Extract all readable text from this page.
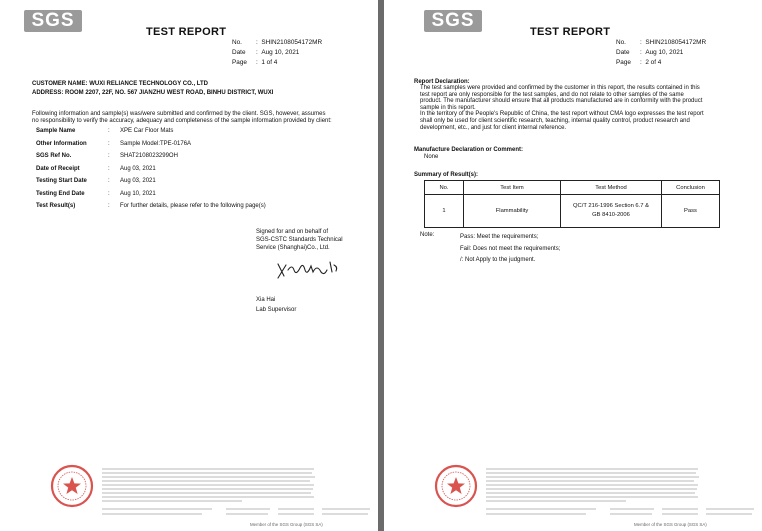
SGS
TEST REPORT
No. :  SHIN2108054172MR
Date :  Aug 10, 2021
Page :  1 of 4
CUSTOMER NAME: WUXI RELIANCE TECHNOLOGY CO., LTD
ADDRESS: ROOM 2207, 22F, NO. 567 JIANZHU WEST ROAD, BINHU DISTRICT, WUXI
Following information and sample(s) was/were submitted and confirmed by the client. SGS, however, assumes
no responsibility to verify the accuracy, adequacy and completeness of the sample information provided by client:
Sample Name	: XPE Car Floor Mats
Other Information	: Sample Model:TPE-0176A
SGS Ref No.	: SHAT2108023299OH
Date of Receipt	: Aug 03, 2021
Testing Start Date	: Aug 03, 2021
Testing End Date	: Aug 10, 2021
Test Result(s)	: For further details, please refer to the following page(s)
Signed for and on behalf of
SGS-CSTC Standards Technical
Service (Shanghai)Co., Ltd.
Xia Hai
Lab Supervisor
Member of the SGS Group (SGS SA)
SGS
TEST REPORT
No. :  SHIN2108054172MR
Date :  Aug 10, 2021
Page :  2 of 4
Report Declaration:
The test samples were provided and confirmed by the customer in this report, the results contained in this
test report are only responsible for the test samples, and do not relate to other samples of the same
product. The manufacturer should ensure that all products manufactured are in conformity with the product
sample in this report.
In the territory of the People's Republic of China, the test report without CMA logo expresses the test report
shall only be used for client scientific research, teaching, internal quality control, product research and
development, etc., and just for client internal reference.
Manufacture Declaration or Comment:
None
Summary of Result(s):
No.	Test Item	Test Method	Conclusion
1	Flammability	QC/T 216-1996 Section 6.7 &
GB 8410-2006	Pass
Note:	Pass: Meet the requirements;
Fail: Does not meet the requirements;
/: Not Apply to the judgment.
Member of the SGS Group (SGS SA)
